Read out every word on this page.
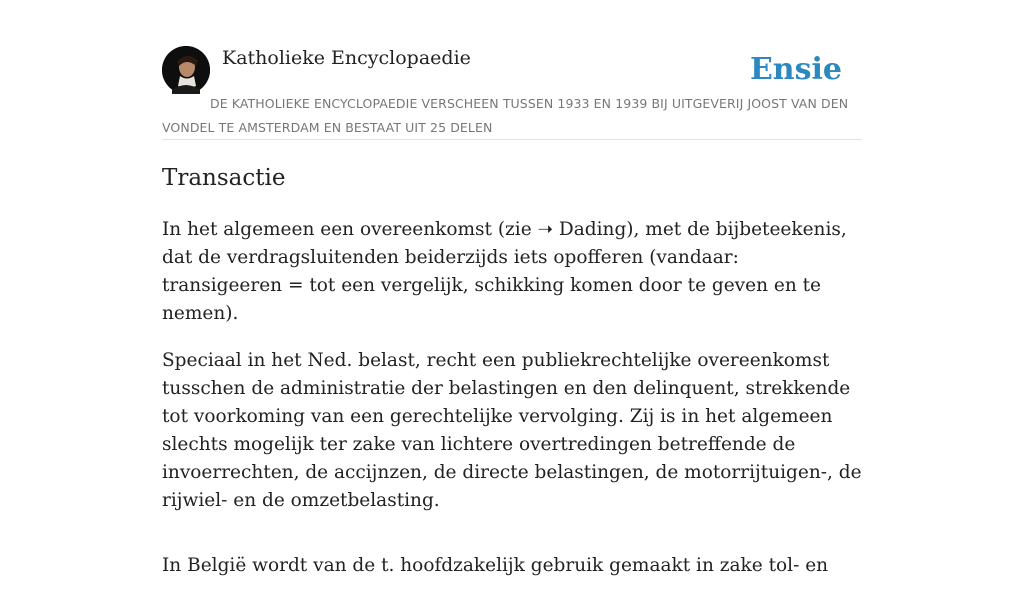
Katholieke Encyclopaedie	Ensie
DE KATHOLIEKE ENCYCLOPAEDIE VERSCHEEN TUSSEN 1933 EN 1939 BIJ UITGEVERIJ JOOST VAN DEN VONDEL TE AMSTERDAM EN BESTAAT UIT 25 DELEN
Transactie

In het algemeen een overeenkomst (zie ➝ Dading), met de bijbeteekenis, dat de verdragsluitenden beiderzijds iets opofferen (vandaar: transigeeren = tot een vergelijk, schikking komen door te geven en te nemen).

Speciaal in het Ned. belast, recht een publiekrechtelijke overeenkomst tusschen de administratie der belastingen en den delinquent, strekkende tot voorkoming van een gerechtelijke vervolging. Zij is in het algemeen slechts mogelijk ter zake van lichtere overtredingen betreffende de invoerrechten, de accijnzen, de directe belastingen, de motorrijtuigen-, de rijwiel- en de omzetbelasting.

In België wordt van de t. hoofdzakelijk gebruik gemaakt in zake tol- en
